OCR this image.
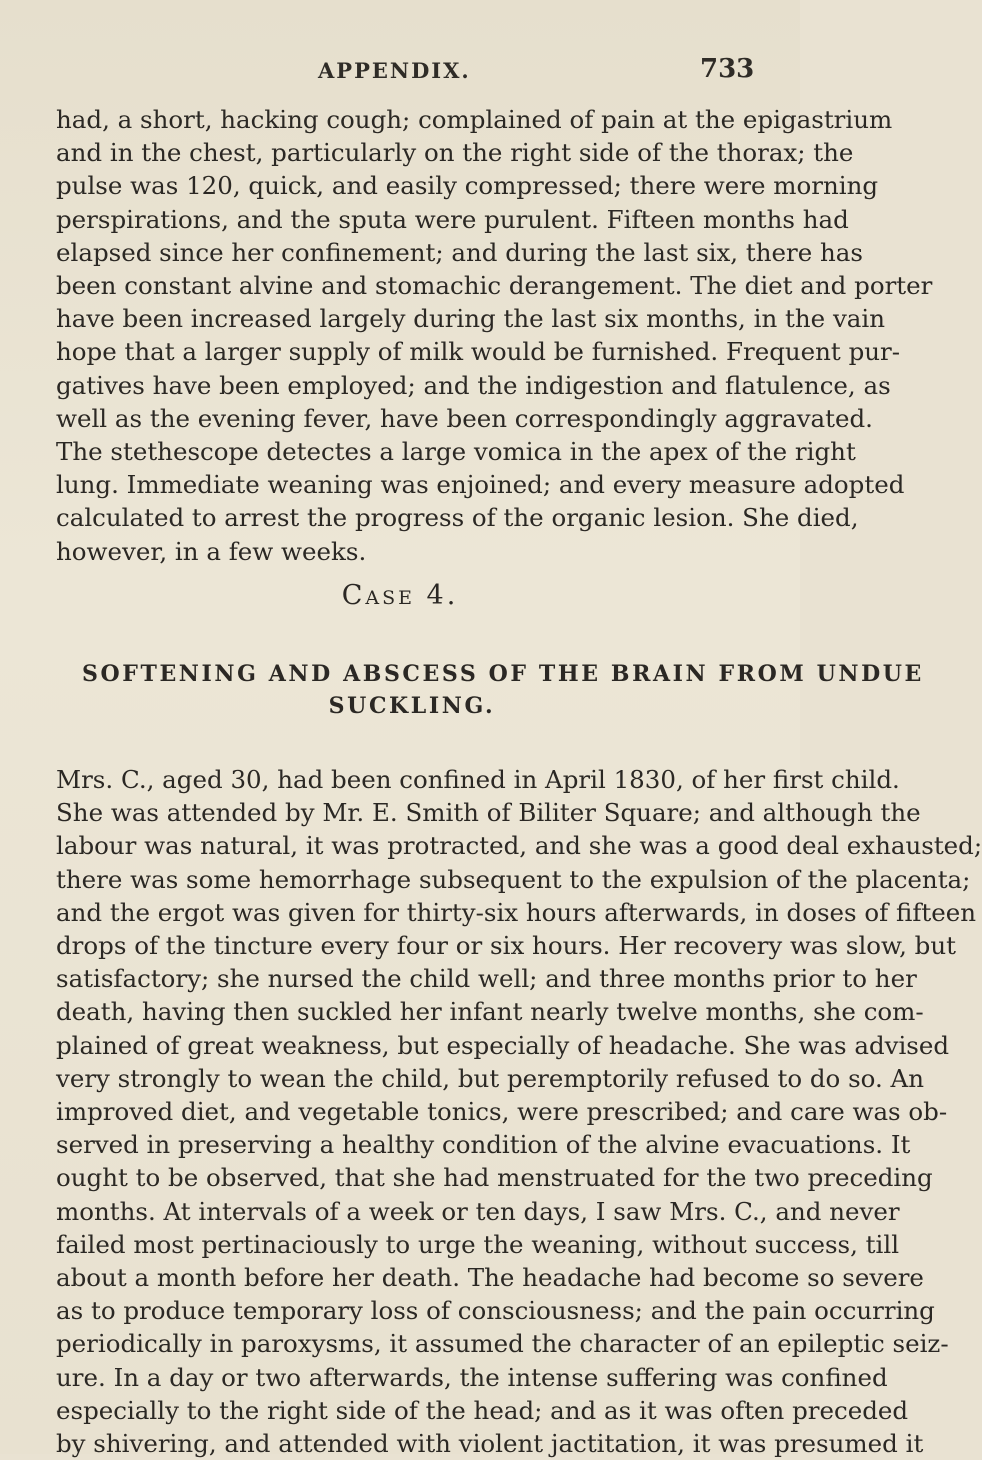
APPENDIX.	733
had, a short, hacking cough; complained of pain at the epigastrium
and in the chest, particularly on the right side of the thorax; the
pulse was 120, quick, and easily compressed; there were morning
perspirations, and the sputa were purulent. Fifteen months had
elapsed since her confinement; and during the last six, there has
been constant alvine and stomachic derangement. The diet and porter
have been increased largely during the last six months, in the vain
hope that a larger supply of milk would be furnished. Frequent pur-
gatives have been employed; and the indigestion and flatulence, as
well as the evening fever, have been correspondingly aggravated.
The stethescope detectes a large vomica in the apex of the right
lung. Immediate weaning was enjoined; and every measure adopted
calculated to arrest the progress of the organic lesion. She died,
however, in a few weeks.
Case 4.
SOFTENING AND ABSCESS OF THE BRAIN FROM UNDUE
SUCKLING.
Mrs. C., aged 30, had been confined in April 1830, of her first child.
She was attended by Mr. E. Smith of Biliter Square; and although the
labour was natural, it was protracted, and she was a good deal exhausted;
there was some hemorrhage subsequent to the expulsion of the placenta;
and the ergot was given for thirty-six hours afterwards, in doses of fifteen
drops of the tincture every four or six hours. Her recovery was slow, but
satisfactory; she nursed the child well; and three months prior to her
death, having then suckled her infant nearly twelve months, she com-
plained of great weakness, but especially of headache. She was advised
very strongly to wean the child, but peremptorily refused to do so. An
improved diet, and vegetable tonics, were prescribed; and care was ob-
served in preserving a healthy condition of the alvine evacuations. It
ought to be observed, that she had menstruated for the two preceding
months. At intervals of a week or ten days, I saw Mrs. C., and never
failed most pertinaciously to urge the weaning, without success, till
about a month before her death. The headache had become so severe
as to produce temporary loss of consciousness; and the pain occurring
periodically in paroxysms, it assumed the character of an epileptic seiz-
ure. In a day or two afterwards, the intense suffering was confined
especially to the right side of the head; and as it was often preceded
by shivering, and attended with violent jactitation, it was presumed it
